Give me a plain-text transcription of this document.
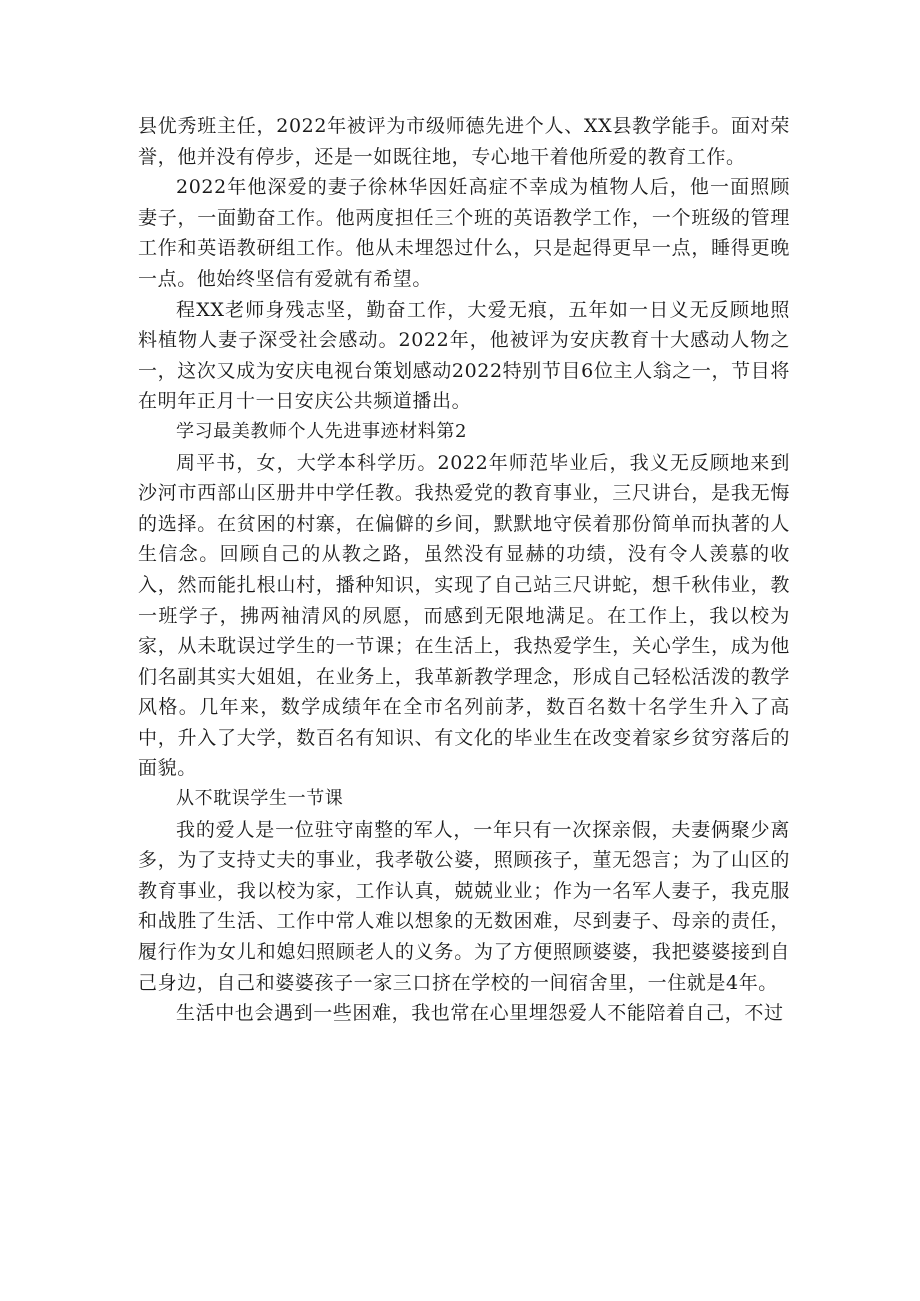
县优秀班主任，2022年被评为市级师德先进个人、XX县教学能手。面对荣誉，他并没有停步，还是一如既往地，专心地干着他所爱的教育工作。

2022年他深爱的妻子徐林华因妊高症不幸成为植物人后，他一面照顾妻子，一面勤奋工作。他两度担任三个班的英语教学工作，一个班级的管理工作和英语教研组工作。他从未埋怨过什么，只是起得更早一点，睡得更晚一点。他始终坚信有爱就有希望。

程XX老师身残志坚，勤奋工作，大爱无痕，五年如一日义无反顾地照料植物人妻子深受社会感动。2022年，他被评为安庆教育十大感动人物之一，这次又成为安庆电视台策划感动2022特别节目6位主人翁之一，节目将在明年正月十一日安庆公共频道播出。

学习最美教师个人先进事迹材料第2

周平书，女，大学本科学历。2022年师范毕业后，我义无反顾地来到沙河市西部山区册井中学任教。我热爱党的教育事业，三尺讲台，是我无悔的选择。在贫困的村寨，在偏僻的乡间，默默地守侯着那份简单而执著的人生信念。回顾自己的从教之路，虽然没有显赫的功绩，没有令人羡慕的收入，然而能扎根山村，播种知识，实现了自己站三尺讲蛇，想千秋伟业，教一班学子，拂两袖清风的夙愿，而感到无限地满足。在工作上，我以校为家，从未耽误过学生的一节课；在生活上，我热爱学生，关心学生，成为他们名副其实大姐姐，在业务上，我革新教学理念，形成自己轻松活泼的教学风格。几年来，数学成绩年在全市名列前茅，数百名数十名学生升入了高中，升入了大学，数百名有知识、有文化的毕业生在改变着家乡贫穷落后的面貌。

从不耽误学生一节课

我的爱人是一位驻守南整的军人，一年只有一次探亲假，夫妻俩聚少离多，为了支持丈夫的事业，我孝敬公婆，照顾孩子，菫无怨言；为了山区的教育事业，我以校为家，工作认真，兢兢业业；作为一名军人妻子，我克服和战胜了生活、工作中常人难以想象的无数困难，尽到妻子、母亲的责任，履行作为女儿和媳妇照顾老人的义务。为了方便照顾婆婆，我把婆婆接到自己身边，自己和婆婆孩子一家三口挤在学校的一间宿舍里，一住就是4年。

生活中也会遇到一些困难，我也常在心里埋怨爱人不能陪着自己，不过
